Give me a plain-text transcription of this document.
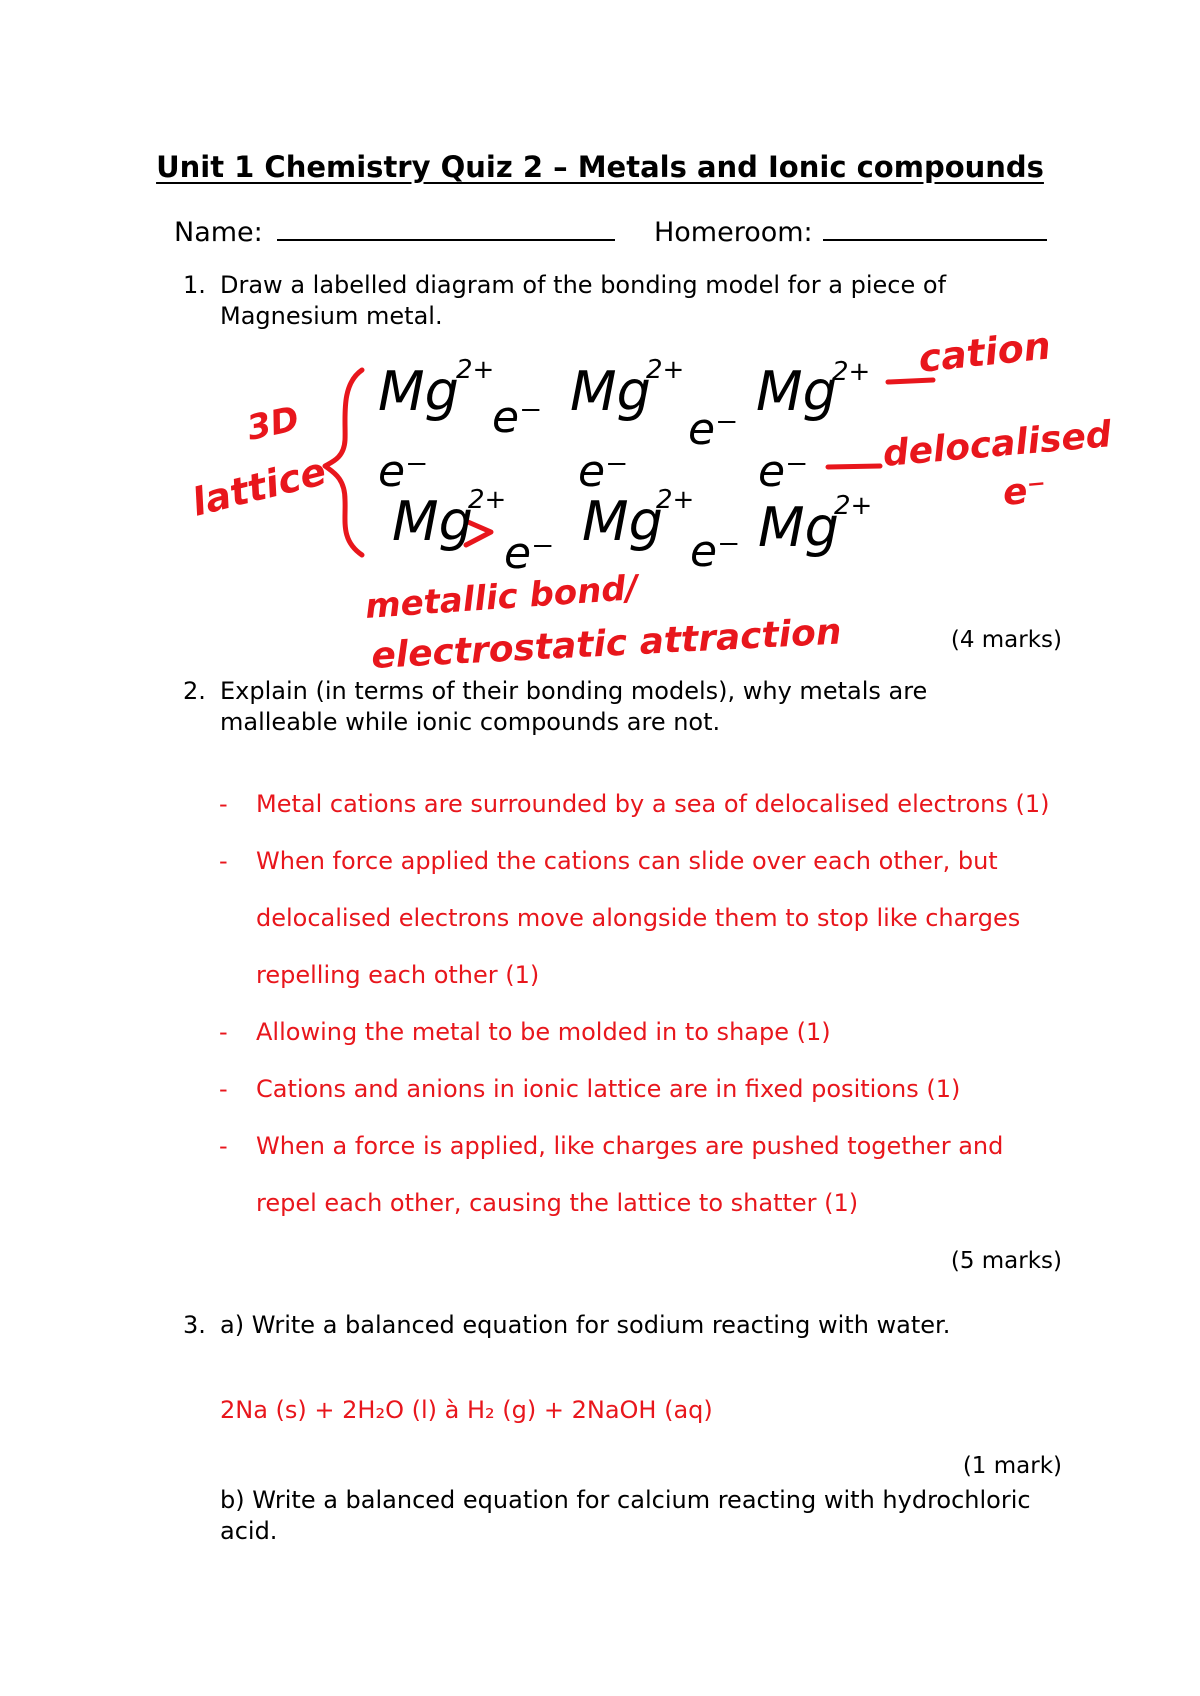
Unit 1 Chemistry Quiz 2 – Metals and Ionic compounds
Name:	Homeroom:
1. Draw a labelled diagram of the bonding model for a piece of
Magnesium metal.
Mg
2+
e⁻ Mg
2+
e⁻
Mg
2+
e⁻	e⁻	e⁻
Mg
2+
e⁻
Mg
2+
e⁻ Mg
2+
3D
lattice
cation
delocalised
e⁻
metallic bond/
electrostatic attraction	(4 marks)
2. Explain (in terms of their bonding models), why metals are
malleable while ionic compounds are not.
- Metal cations are surrounded by a sea of delocalised electrons (1)
- When force applied the cations can slide over each other, but
delocalised electrons move alongside them to stop like charges
repelling each other (1)
- Allowing the metal to be molded in to shape (1)
- Cations and anions in ionic lattice are in fixed positions (1)
- When a force is applied, like charges are pushed together and
repel each other, causing the lattice to shatter (1)
(5 marks)
3. a) Write a balanced equation for sodium reacting with water.
2Na (s) + 2H₂O (l) à H₂ (g) + 2NaOH (aq)
(1 mark)
b) Write a balanced equation for calcium reacting with hydrochloric
acid.
